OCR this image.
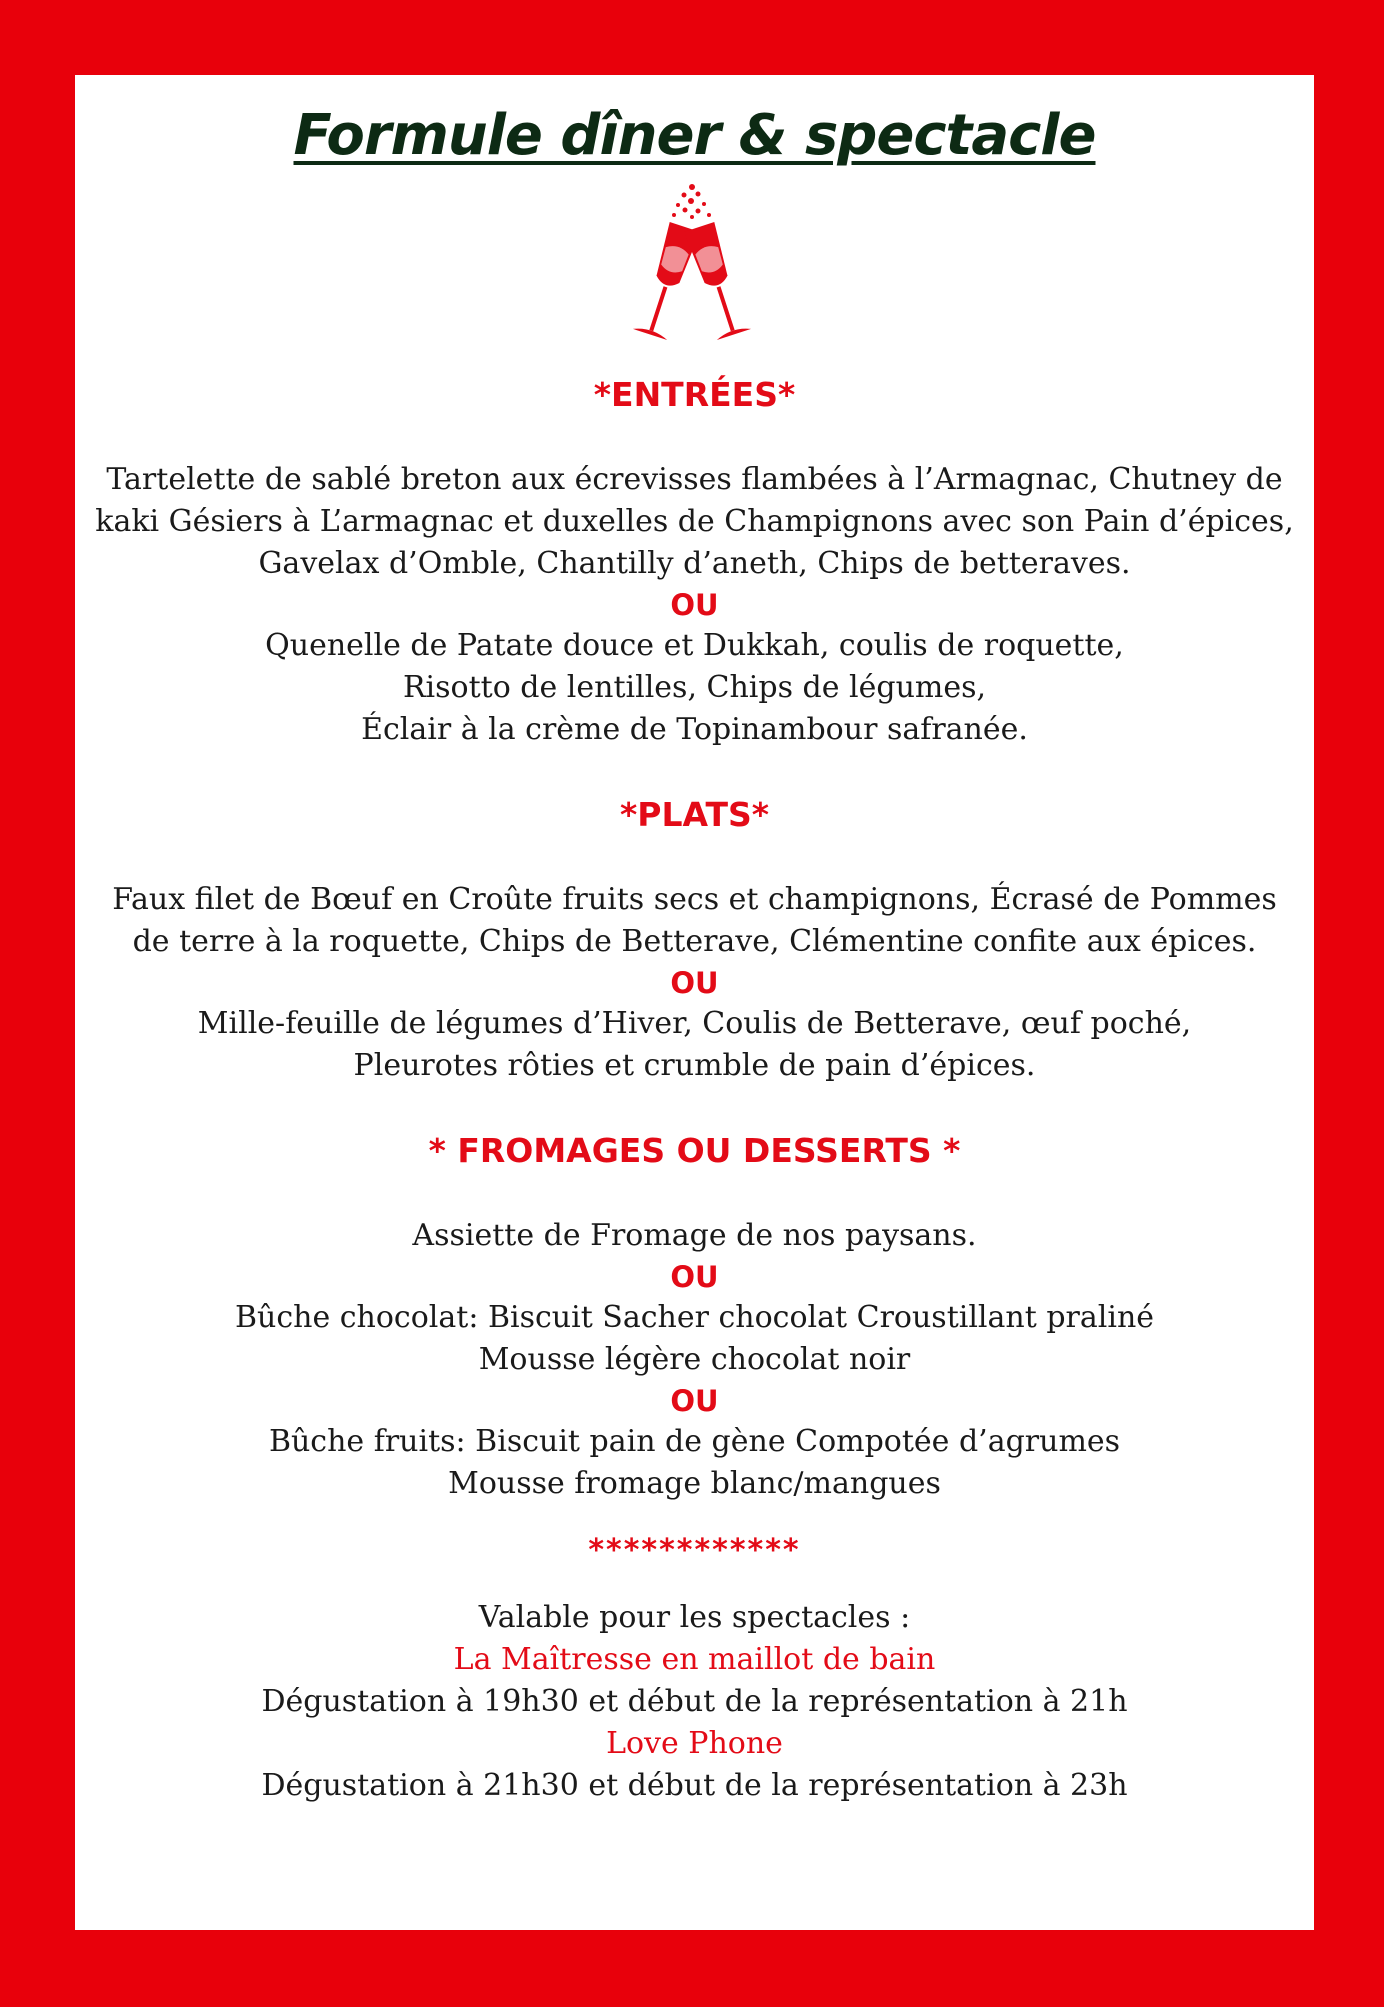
Formule dîner & spectacle

*ENTRÉES*

Tartelette de sablé breton aux écrevisses flambées à l’Armagnac, Chutney de

kaki Gésiers à L’armagnac et duxelles de Champignons avec son Pain d’épices,

Gavelax d’Omble, Chantilly d’aneth, Chips de betteraves.

OU

Quenelle de Patate douce et Dukkah, coulis de roquette,

Risotto de lentilles, Chips de légumes,

Éclair à la crème de Topinambour safranée.

*PLATS*

Faux filet de Bœuf en Croûte fruits secs et champignons, Écrasé de Pommes

de terre à la roquette, Chips de Betterave, Clémentine confite aux épices.

OU

Mille-feuille de légumes d’Hiver, Coulis de Betterave, œuf poché,

Pleurotes rôties et crumble de pain d’épices.

* FROMAGES OU DESSERTS *

Assiette de Fromage de nos paysans.

OU

Bûche chocolat: Biscuit Sacher chocolat Croustillant praliné

Mousse légère chocolat noir

OU

Bûche fruits: Biscuit pain de gène Compotée d’agrumes

Mousse fromage blanc/mangues

************

Valable pour les spectacles :

La Maîtresse en maillot de bain

Dégustation à 19h30 et début de la représentation à 21h

Love Phone

Dégustation à 21h30 et début de la représentation à 23h
